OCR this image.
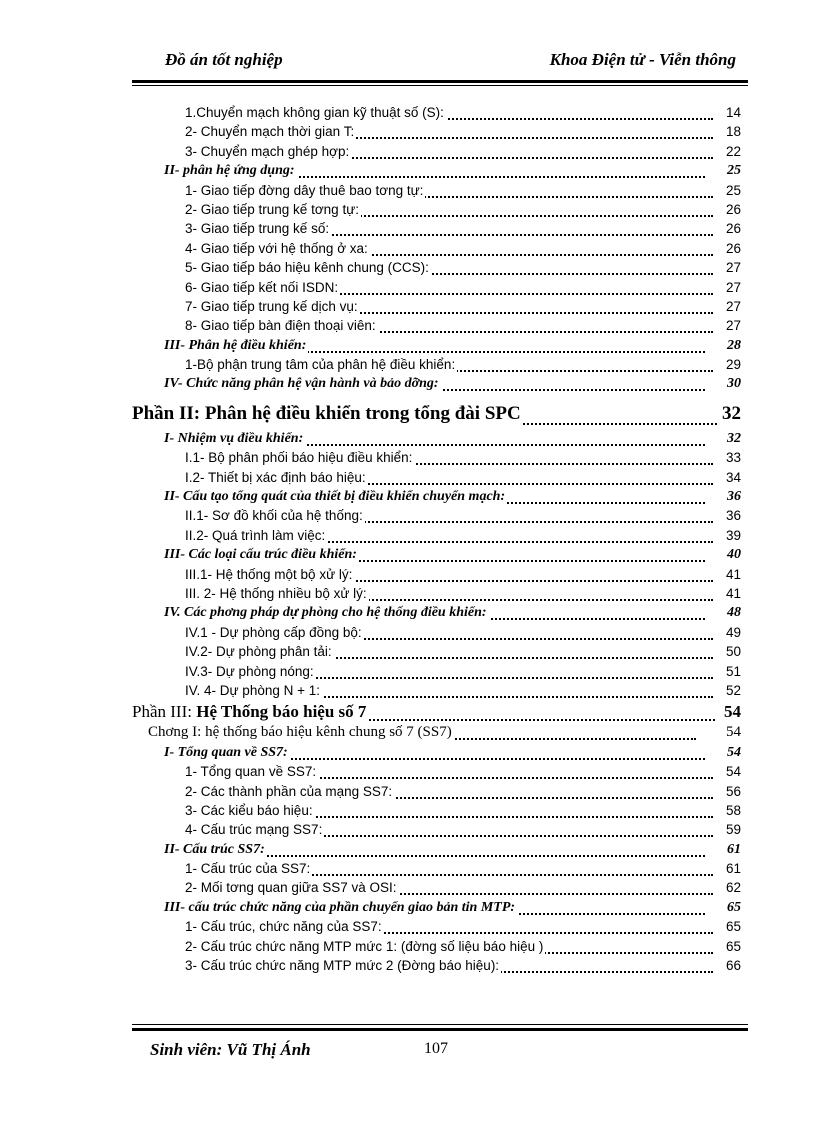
Đồ án tốt nghiệp	Khoa Điện tử - Viễn thông
1.Chuyển mạch không gian kỹ thuật số (S):	14
2- Chuyển mạch thời gian T:	18
3- Chuyển mạch ghép hợp:	22
II- phân hệ ứng dụng:	25
1- Giao tiếp đờng dây thuê bao tơng tự:	25
2- Giao tiếp trung kế tơng tự:	26
3- Giao tiếp trung kế số:	26
4- Giao tiếp với hệ thống ở xa:	26
5- Giao tiếp báo hiệu kênh chung (CCS):	27
6- Giao tiếp kết nối ISDN:	27
7- Giao tiếp trung kế dịch vụ:	27
8- Giao tiếp bàn điện thoại viên:	27
III- Phân hệ điều khiển:	28
1-Bộ phận trung tâm của phân hệ điều khiển:	29
IV- Chức năng phân hệ vận hành và bảo dỡng:	30
Phần II: Phân hệ điều khiển trong tổng đài SPC	32
I- Nhiệm vụ điều khiển:	32
I.1- Bộ phân phối báo hiệu điều khiển:	33
I.2- Thiết bị xác định báo hiệu:	34
II- Cấu tạo tổng quát của thiết bị điều khiển chuyển mạch:	36
II.1- Sơ đồ khối của hệ thống:	36
II.2- Quá trình làm việc:	39
III- Các loại cấu trúc điều khiển:	40
III.1- Hệ thống một bộ xử lý:	41
III. 2- Hệ thống nhiều bộ xử lý:	41
IV. Các phơng pháp dự phòng cho hệ thống điều khiển:	48
IV.1 - Dự phòng cấp đồng bộ:	49
IV.2- Dự phòng phân tải:	50
IV.3- Dự phòng nóng:	51
IV. 4- Dự phòng N + 1:	52
Phần III: Hệ Thống báo hiệu số 7	54
Chơng I: hệ thống báo hiệu kênh chung số 7 (SS7)	54
I- Tổng quan về SS7:	54
1- Tổng quan về SS7:	54
2- Các thành phần của mạng SS7:	56
3- Các kiểu báo hiệu:	58
4- Cấu trúc mạng SS7:	59
II- Cấu trúc SS7:	61
1- Cấu trúc của SS7:	61
2- Mối tơng quan giữa SS7 và OSI:	62
III- cấu trúc chức năng của phần chuyển giao bản tin MTP:	65
1- Cấu trúc, chức năng của SS7:	65
2- Cấu trúc chức năng MTP mức 1: (đờng số liệu báo hiệu )	65
3- Cấu trúc chức năng MTP mức 2 (Đờng báo hiệu):	66
Sinh viên: Vũ Thị Ánh	107
